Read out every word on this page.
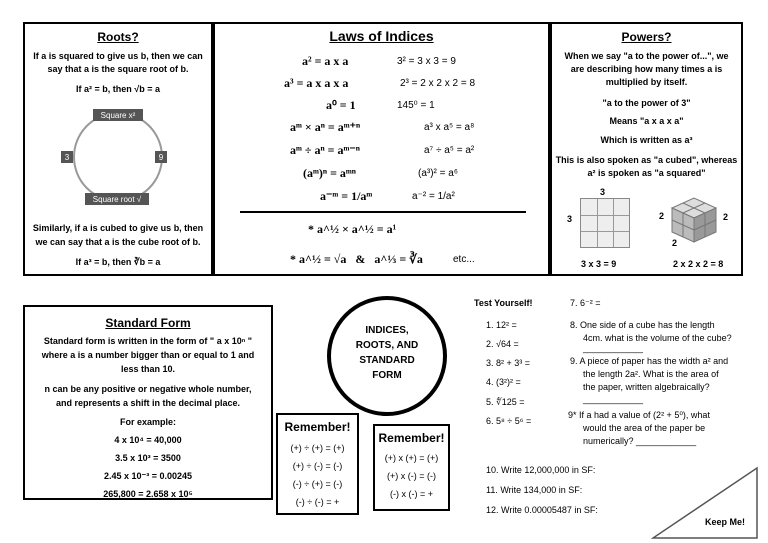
Roots?
If a is squared to give us b, then we can
say that a is the square root of b.
If a² = b, then √b = a
Square x²
Square root √
3	9
Similarly, if a is cubed to give us b, then
we can say that a is the cube root of b.
If a³ = b, then ∛b = a
Laws of Indices
a² = a x a	3² = 3 x 3 = 9
a³ = a x a x a	2³ = 2 x 2 x 2 = 8
a⁰ = 1	145⁰ = 1
aᵐ × aⁿ = aᵐ⁺ⁿ	a³ x a⁵ = a⁸
aᵐ ÷ aⁿ = aᵐ⁻ⁿ	a⁷ ÷ a⁵ = a²
(aᵐ)ⁿ = aᵐⁿ	(a³)² = a⁶
a⁻ᵐ = 1/aᵐ	a⁻² = 1/a²
* a^½ × a^½ = a¹
* a^½ = √a   &   a^⅓ = ∛a	etc...
Powers?
When we say "a to the power of...", we
are describing how many times a is
multiplied by itself.
"a to the power of 3"
Means "a x a x a"
Which is written as a³
This is also spoken as "a cubed", whereas
a² is spoken as "a squared"
3
3	2	2
2
3 x 3 = 9	2 x 2 x 2 = 8
Standard Form
Standard form is written in the form of " a x 10ⁿ "
where a is a number bigger than or equal to 1 and
less than 10.
n can be any positive or negative whole number,
and represents a shift in the decimal place.
For example:
4 x 10⁴ = 40,000
3.5 x 10³ = 3500
2.45 x 10⁻³ = 0.00245
265,800 = 2.658 x 10⁵
INDICES,
ROOTS, AND
STANDARD
FORM
Remember!
(+) ÷ (+) = (+)
(+) ÷ (-) = (-)
(-) ÷ (+) = (-)
(-) ÷ (-) = +
Remember!
(+) x (+) = (+)
(+) x (-) = (-)
(-) x (-) = +
Test Yourself!
1. 12² =
2. √64 =
3. 8² + 3³ =
4. (3²)² =
5. ∜125 =
6. 5⁸ ÷ 5⁶ =
7. 6⁻² =
8. One side of a cube has the length
4cm. what is the volume of the cube?
____________
9. A piece of paper has the width a² and
the length 2a². What is the area of
the paper, written algebraically?
____________
9* If a had a value of (2² + 5⁰), what
would the area of the paper be
numerically? ____________
10. Write 12,000,000 in SF:
11. Write 134,000 in SF:
12. Write 0.00005487 in SF:
Keep Me!
